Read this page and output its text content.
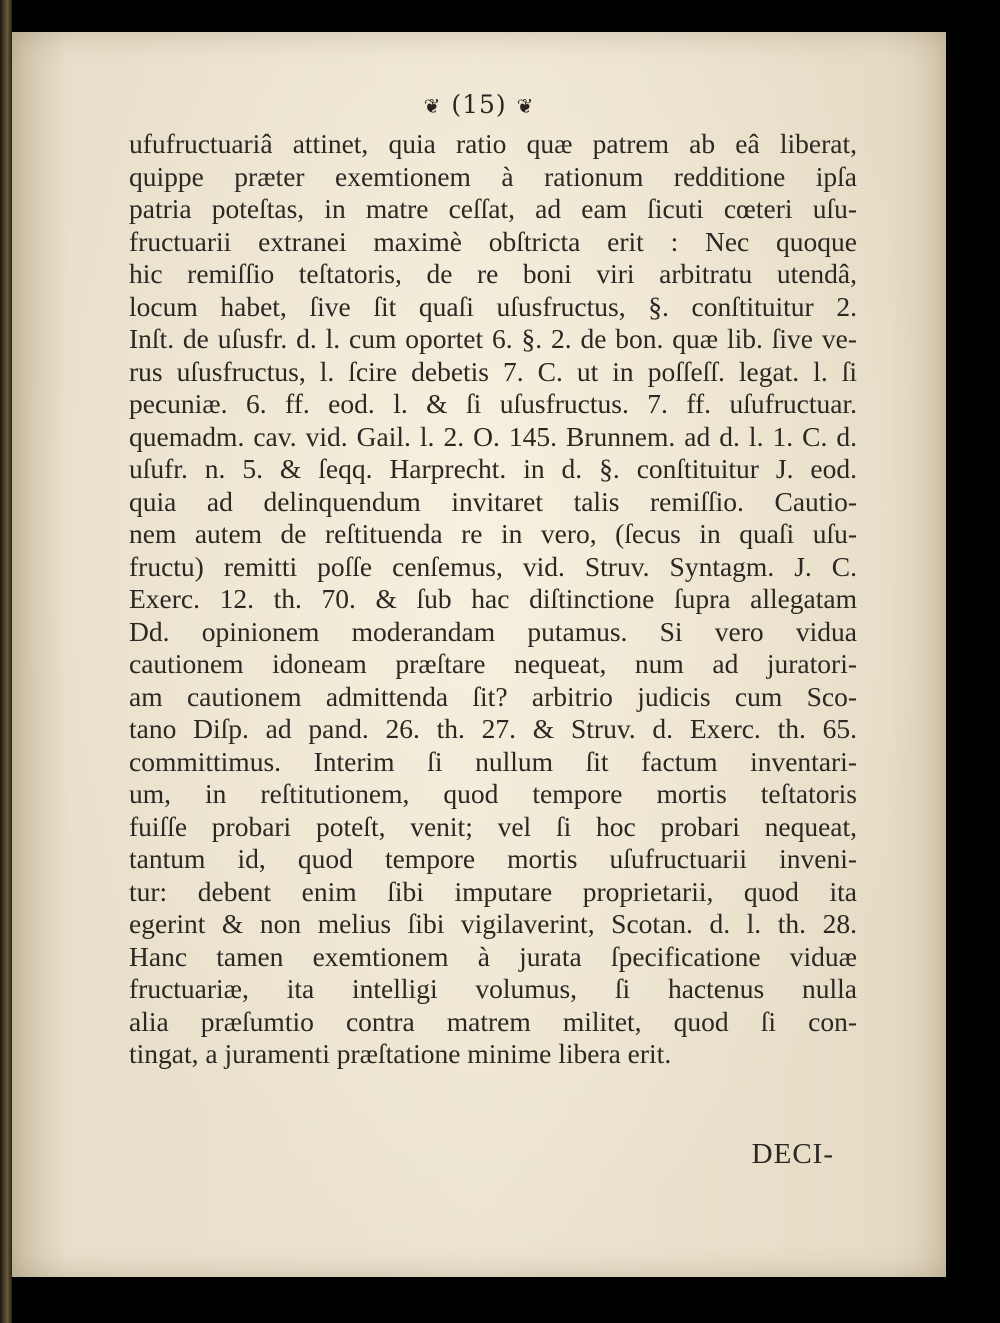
❦ (15) ❦
ufufructuariâ attinet, quia ratio quæ patrem ab eâ liberat,
quippe præter exemtionem à rationum redditione ipſa
patria poteſtas, in matre ceſſat, ad eam ſicuti cœteri uſu-
fructuarii extranei maximè obſtricta erit : Nec quoque
hic remiſſio teſtatoris, de re boni viri arbitratu utendâ,
locum habet, ſive ſit quaſi uſusfructus, §. conſtituitur 2.
Inſt. de uſusfr. d. l. cum oportet 6. §. 2. de bon. quæ lib. ſive ve-
rus uſusfructus, l. ſcire debetis 7. C. ut in poſſeſſ. legat. l. ſi
pecuniæ. 6. ff. eod. l. & ſi uſusfructus. 7. ff. uſufructuar.
quemadm. cav. vid. Gail. l. 2. O. 145. Brunnem. ad d. l. 1. C. d.
uſufr. n. 5. & ſeqq. Harprecht. in d. §. conſtituitur J. eod.
quia ad delinquendum invitaret talis remiſſio. Cautio-
nem autem de reſtituenda re in vero, (ſecus in quaſi uſu-
fructu) remitti poſſe cenſemus, vid. Struv. Syntagm. J. C.
Exerc. 12. th. 70. & ſub hac diſtinctione ſupra allegatam
Dd. opinionem moderandam putamus. Si vero vidua
cautionem idoneam præſtare nequeat, num ad juratori-
am cautionem admittenda ſit? arbitrio judicis cum Sco-
tano Diſp. ad pand. 26. th. 27. & Struv. d. Exerc. th. 65.
committimus. Interim ſi nullum ſit factum inventari-
um, in reſtitutionem, quod tempore mortis teſtatoris
fuiſſe probari poteſt, venit; vel ſi hoc probari nequeat,
tantum id, quod tempore mortis uſufructuarii inveni-
tur: debent enim ſibi imputare proprietarii, quod ita
egerint & non melius ſibi vigilaverint, Scotan. d. l. th. 28.
Hanc tamen exemtionem à jurata ſpecificatione viduæ
fructuariæ, ita intelligi volumus, ſi hactenus nulla
alia præſumtio contra matrem militet, quod ſi con-
tingat, a juramenti præſtatione minime libera erit.
DECI-
